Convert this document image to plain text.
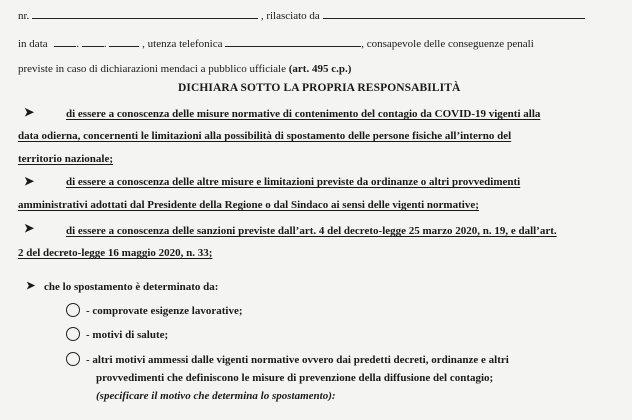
nr.	, rilasciato da
in data	. .	, utenza telefonica	, consapevole delle conseguenze penali
previste in caso di dichiarazioni mendaci a pubblico ufficiale (art. 495 c.p.)
DICHIARA SOTTO LA PROPRIA RESPONSABILITÀ
➤	di essere a conoscenza delle misure normative di contenimento del contagio da COVID-19 vigenti alla
data odierna, concernenti le limitazioni alla possibilità di spostamento delle persone fisiche all’interno del
territorio nazionale;
➤	di essere a conoscenza delle altre misure e limitazioni previste da ordinanze o altri provvedimenti
amministrativi adottati dal Presidente della Regione o dal Sindaco ai sensi delle vigenti normative;
➤	di essere a conoscenza delle sanzioni previste dall’art. 4 del decreto-legge 25 marzo 2020, n. 19, e dall’art.
2 del decreto-legge 16 maggio 2020, n. 33;
➤ che lo spostamento è determinato da:
- comprovate esigenze lavorative;
- motivi di salute;
- altri motivi ammessi dalle vigenti normative ovvero dai predetti decreti, ordinanze e altri
provvedimenti che definiscono le misure di prevenzione della diffusione del contagio;
(specificare il motivo che determina lo spostamento):
